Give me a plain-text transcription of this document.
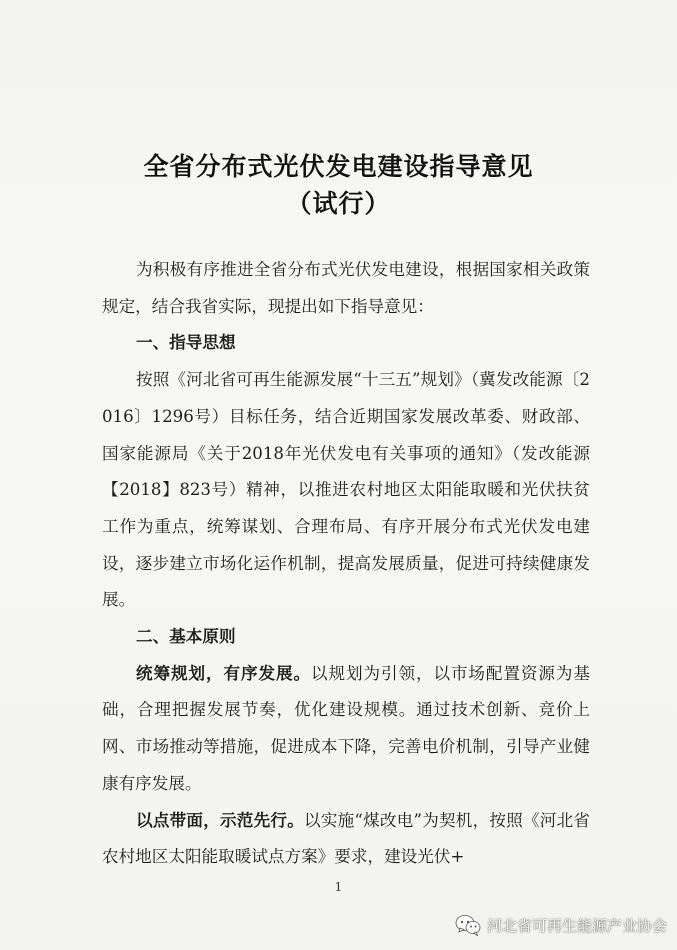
全省分布式光伏发电建设指导意见
（试行）

为积极有序推进全省分布式光伏发电建设，根据国家相关政策规定，结合我省实际，现提出如下指导意见：

一、指导思想

按照《河北省可再生能源发展“十三五”规划》（冀发改能源〔2016〕1296号）目标任务，结合近期国家发展改革委、财政部、国家能源局《关于2018年光伏发电有关事项的通知》（发改能源【2018】823号）精神，以推进农村地区太阳能取暖和光伏扶贫工作为重点，统筹谋划、合理布局、有序开展分布式光伏发电建设，逐步建立市场化运作机制，提高发展质量，促进可持续健康发展。

二、基本原则

统筹规划，有序发展。以规划为引领，以市场配置资源为基础，合理把握发展节奏，优化建设规模。通过技术创新、竞价上网、市场推动等措施，促进成本下降，完善电价机制，引导产业健康有序发展。

以点带面，示范先行。以实施“煤改电”为契机，按照《河北省农村地区太阳能取暖试点方案》要求，建设光伏+

1
河北省可再生能源产业协会
